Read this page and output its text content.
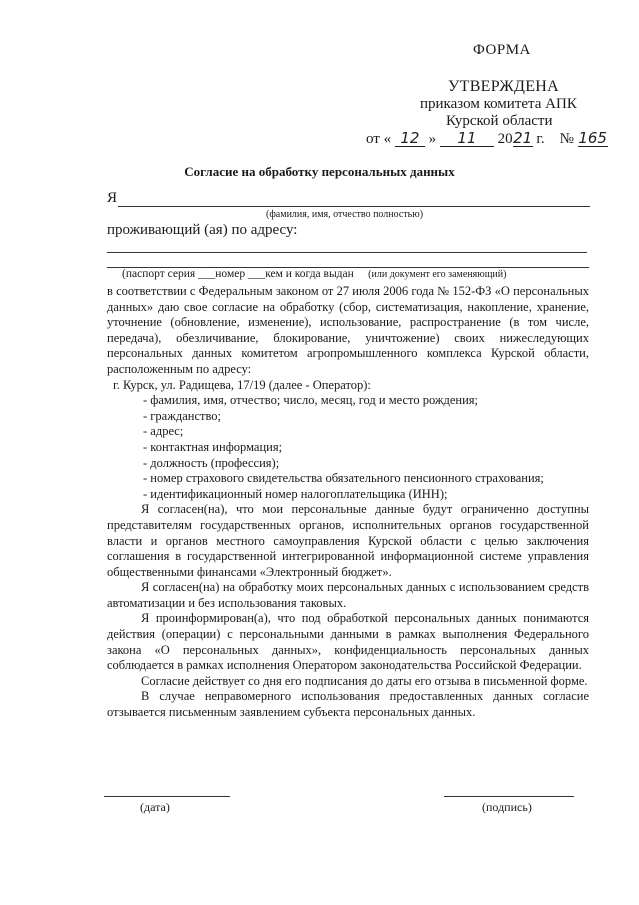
ФОРМА
УТВЕРЖДЕНА
приказом комитета АПК
Курской области
от « 12 » 11 2021 г. № 165
Согласие на обработку персональных данных
Я
(фамилия, имя, отчество полностью)
проживающий (ая) по адресу:
(паспорт серия ___номер ___кем и когда выдан (или документ его заменяющий)

в соответствии с Федеральным законом от 27 июля 2006 года № 152-ФЗ «О персональных данных» даю свое согласие на обработку (сбор, систематизация, накопление, хранение, уточнение (обновление, изменение), использование, распространение (в том числе, передача), обезличивание, блокирование, уничтожение) своих нижеследующих персональных данных комитетом агропромышленного комплекса Курской области, расположенным по адресу:

г. Курск, ул. Радищева, 17/19 (далее - Оператор):

- фамилия, имя, отчество; число, месяц, год и место рождения;
- гражданство;
- адрес;
- контактная информация;
- должность (профессия);
- номер страхового свидетельства обязательного пенсионного страхования;
- идентификационный номер налогоплательщика (ИНН);

Я согласен(на), что мои персональные данные будут ограниченно доступны представителям государственных органов, исполнительных органов государственной власти и органов местного самоуправления Курской области с целью заключения соглашения в государственной интегрированной информационной системе управления общественными финансами «Электронный бюджет».

Я согласен(на) на обработку моих персональных данных с использованием средств автоматизации и без использования таковых.

Я проинформирован(а), что под обработкой персональных данных понимаются действия (операции) с персональными данными в рамках выполнения Федерального закона «О персональных данных», конфиденциальность персональных данных соблюдается в рамках исполнения Оператором законодательства Российской Федерации.

Согласие действует со дня его подписания до даты его отзыва в письменной форме.

В случае неправомерного использования предоставленных данных согласие отзывается письменным заявлением субъекта персональных данных.

(дата)	(подпись)
